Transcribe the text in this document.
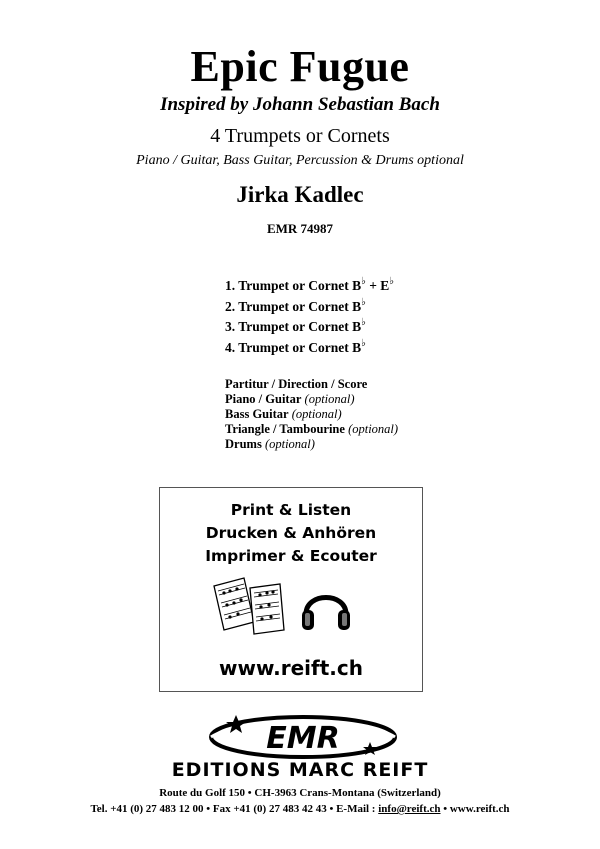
Epic Fugue
Inspired by Johann Sebastian Bach
4 Trumpets or Cornets
Piano / Guitar, Bass Guitar, Percussion & Drums optional
Jirka Kadlec
EMR 74987
1. Trumpet or Cornet B♭ + E♭
2. Trumpet or Cornet B♭
3. Trumpet or Cornet B♭
4. Trumpet or Cornet B♭
Partitur / Direction / Score
Piano / Guitar (optional)
Bass Guitar (optional)
Triangle / Tambourine (optional)
Drums (optional)
Print & Listen
Drucken & Anhören
Imprimer & Ecouter
www.reift.ch
EMR
EDITIONS MARC REIFT
Route du Golf 150 • CH-3963 Crans-Montana (Switzerland)
Tel. +41 (0) 27 483 12 00 • Fax +41 (0) 27 483 42 43 • E-Mail : info@reift.ch • www.reift.ch
